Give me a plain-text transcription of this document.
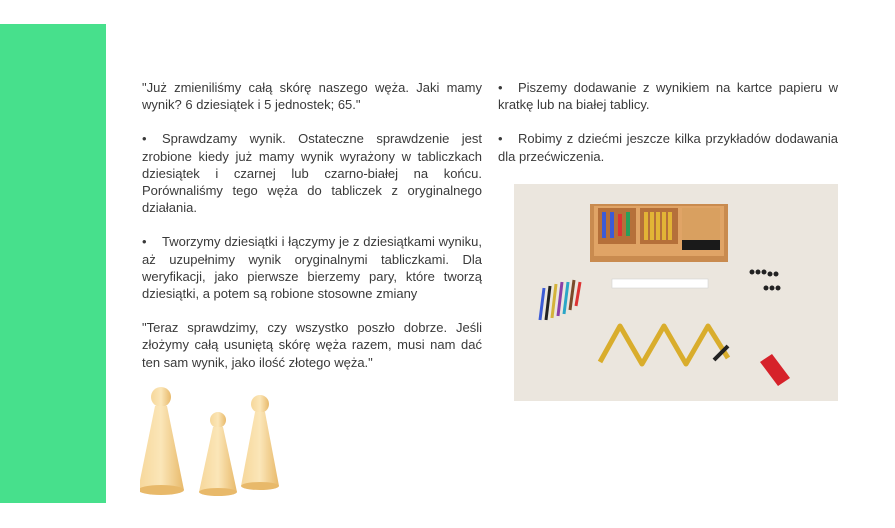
"Już zmieniliśmy całą skórę naszego węża. Jaki mamy wynik? 6 dziesiątek i 5 jednostek; 65."

• Sprawdzamy wynik. Ostateczne sprawdzenie jest zrobione kiedy już mamy wynik wyrażony w tabliczkach dziesiątek i czarnej lub czarno-białej na końcu. Porównaliśmy tego węża do tabliczek z oryginalnego działania.

• Tworzymy dziesiątki i łączymy je z dziesiątkami wyniku, aż uzupełnimy wynik oryginalnymi tabliczkami. Dla weryfikacji, jako pierwsze bierzemy pary, które tworzą dziesiątki, a potem są robione stosowne zmiany

"Teraz sprawdzimy, czy wszystko poszło dobrze. Jeśli złożymy całą usuniętą skórę węża razem, musi nam dać ten sam wynik, jako ilość złotego węża."

• Piszemy dodawanie z wynikiem na kartce papieru w kratkę lub na białej tablicy.

• Robimy z dziećmi jeszcze kilka przykładów dodawania dla przećwiczenia.
